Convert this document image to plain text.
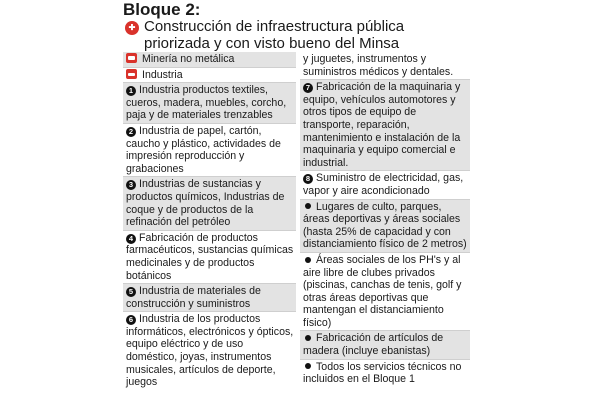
Bloque 2:
✚ Construcción de infraestructura pública priorizada y con visto bueno del Minsa
Minería no metálica
Industria
1 Industria productos textiles, cueros, madera, muebles, corcho, paja y de materiales trenzables
2 Industria de papel, cartón, caucho y plástico, actividades de impresión reproducción y grabaciones
3 Industrias de sustancias y productos químicos, Industrias de coque y de productos de la refinación del petróleo
4 Fabricación de productos farmacéuticos, sustancias químicas medicinales y de productos botánicos
5 Industria de materiales de construcción y suministros
6 Industria de los productos informáticos, electrónicos y ópticos, equipo eléctrico y de uso doméstico, joyas, instrumentos musicales, artículos de deporte, juegos
y juguetes, instrumentos y suministros médicos y dentales.
7 Fabricación de la maquinaria y equipo, vehículos automotores y otros tipos de equipo de transporte, reparación, mantenimiento e instalación de la maquinaria y equipo comercial e industrial.
8 Suministro de electricidad, gas, vapor y aire acondicionado
Lugares de culto, parques, áreas deportivas y áreas sociales (hasta 25% de capacidad y con distanciamiento físico de 2 metros)
Áreas sociales de los PH's y al aire libre de clubes privados (piscinas, canchas de tenis, golf y otras áreas deportivas que mantengan el distanciamiento físico)
Fabricación de artículos de madera (incluye ebanistas)
Todos los servicios técnicos no incluidos en el Bloque 1
